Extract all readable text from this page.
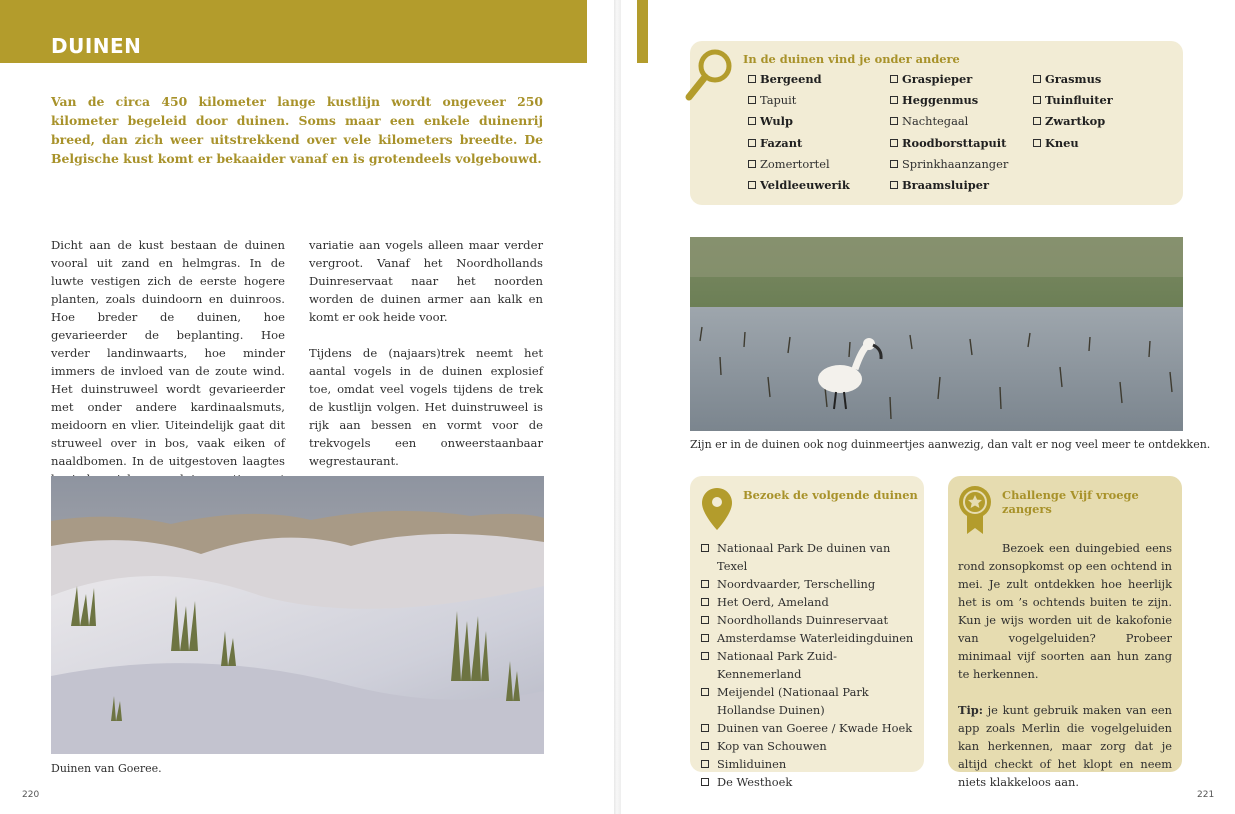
DUINEN

Van de circa 450 kilometer lange kustlijn wordt ongeveer 250 kilometer begeleid door duinen. Soms maar een enkele duinenrij breed, dan zich weer uitstrekkend over vele kilometers breedte. De Belgische kust komt er bekaaider vanaf en is grotendeels volgebouwd.

Dicht aan de kust bestaan de duinen vooral uit zand en helmgras. In de luwte vestigen zich de eerste hogere planten, zoals duindoorn en duinroos. Hoe breder de duinen, hoe gevarieerder de beplanting. Hoe verder landinwaarts, hoe minder immers de invloed van de zoute wind. Het duinstruweel wordt gevarieerder met onder andere kardinaalsmuts, meidoorn en vlier. Uiteindelijk gaat dit struweel over in bos, vaak eiken of naaldbomen. In de uitgestoven laagtes

variatie aan vogels alleen maar verder vergroot. Vanaf het Noordhollands Duinreservaat naar het noorden worden de duinen armer aan kalk en komt er ook heide voor.

Tijdens de (najaars)trek neemt het aantal vogels in de duinen explosief toe, omdat veel vogels tijdens de trek de kustlijn volgen. Het duinstruweel is rijk aan bessen en vormt voor de trekvogels een onweerstaanbaar wegrestaurant.

Duinen van Goeree.
220
In de duinen vind je onder andere
Bergeend
Tapuit
Wulp
Fazant
Zomertortel
Veldleeuwerik
Graspieper
Heggenmus
Nachtegaal
Roodborsttapuit
Sprinkhaanzanger
Braamsluiper
Grasmus
Tuinfluiter
Zwartkop
Kneu
Zijn er in de duinen ook nog duinmeertjes aanwezig, dan valt er nog veel meer te ontdekken.
Bezoek de volgende duinen
Nationaal Park De duinen van Texel
Noordvaarder, Terschelling
Het Oerd, Ameland
Noordhollands Duinreservaat
Amsterdamse Waterleidingduinen
Nationaal Park Zuid-Kennemerland
Meijendel (Nationaal Park Hollandse Duinen)
Duinen van Goeree / Kwade Hoek
Kop van Schouwen
Simliduinen
De Westhoek
Challenge Vijf vroege zangers

Bezoek een duingebied eens rond zonsopkomst op een ochtend in mei. Je zult ontdekken hoe heerlijk het is om ’s ochtends buiten te zijn. Kun je wijs worden uit de kakofonie van vogelgeluiden? Probeer minimaal vijf soorten aan hun zang te herkennen.

Tip: je kunt gebruik maken van een app zoals Merlin die vogelgeluiden kan herkennen, maar zorg dat je altijd checkt of het klopt en neem niets klakkeloos aan.

221
